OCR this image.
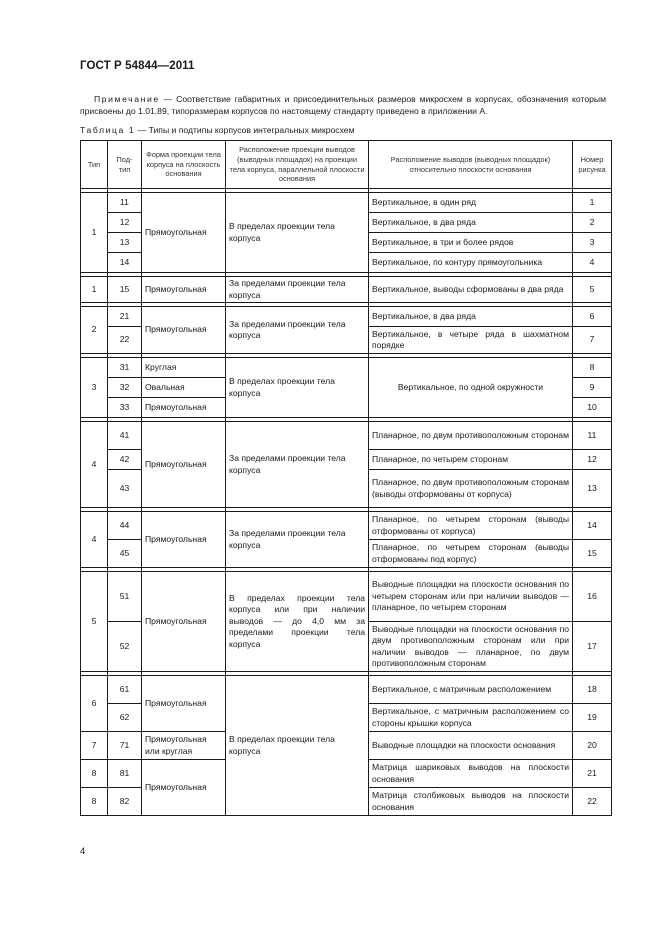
ГОСТ Р 54844—2011
Примечание — Соответствие габаритных и присоединительных размеров микросхем в корпусах, обозначения которым присвоены до 1.01.89, типоразмерам корпусов по настоящему стандарту приведено в приложении А.
Таблица 1 — Типы и подтипы корпусов интегральных микросхем
Тип	Под-тип	Форма проекции тела корпуса на плоскость основания	Расположение проекции выводов (выводных площадок) на проекции тела корпуса, параллельной плоскости основания	Расположение выводов (выводных площадок) относительно плоскости основания	Номер рисунка

1	11	Прямоугольная	В пределах проекции тела корпуса	Вертикальное, в один ряд	1
	12			Вертикальное, в два ряда	2
	13			Вертикальное, в три и более рядов	3
	14			Вертикальное, по контуру прямоугольника	4

1	15	Прямоугольная	За пределами проекции тела корпуса	Вертикальное, выводы сформованы в два ряда	5

2	21	Прямоугольная	За пределами проекции тела корпуса	Вертикальное, в два ряда	6
	22			Вертикальное, в четыре ряда в шахматном порядке	7

3	31	Круглая	В пределах проекции тела корпуса	Вертикальное, по одной окружности	8
	32	Овальная			9
	33	Прямоугольная			10

4	41	Прямоугольная	За пределами проекции тела корпуса	Планарное, по двум противоположным сторонам	11
	42			Планарное, по четырем сторонам	12
	43			Планарное, по двум противоположным сторонам (выводы отформованы от корпуса)	13

4	44	Прямоугольная	За пределами проекции тела корпуса	Планарное, по четырем сторонам (выводы отформованы от корпуса)	14
	45			Планарное, по четырем сторонам (выводы отформованы под корпус)	15

5	51	Прямоугольная	В пределах проекции тела корпуса или при наличии выводов — до 4,0 мм за пределами проекции тела корпуса	Выводные площадки на плоскости основания по четырем сторонам или при наличии выводов — планарное, по четырем сторонам	16
	52			Выводные площадки на плоскости основания по двум противоположным сторонам или при наличии выводов — планарное, по двум противоположным сторонам	17

6	61	Прямоугольная	В пределах проекции тела корпуса	Вертикальное, с матричным расположением	18
	62			Вертикальное, с матричным расположением со стороны крышки корпуса	19
7	71	Прямоугольная или круглая		Выводные площадки на плоскости основания	20
8	81	Прямоугольная		Матрица шариковых выводов на плоскости основания	21
8	82			Матрица столбиковых выводов на плоскости основания	22
4
